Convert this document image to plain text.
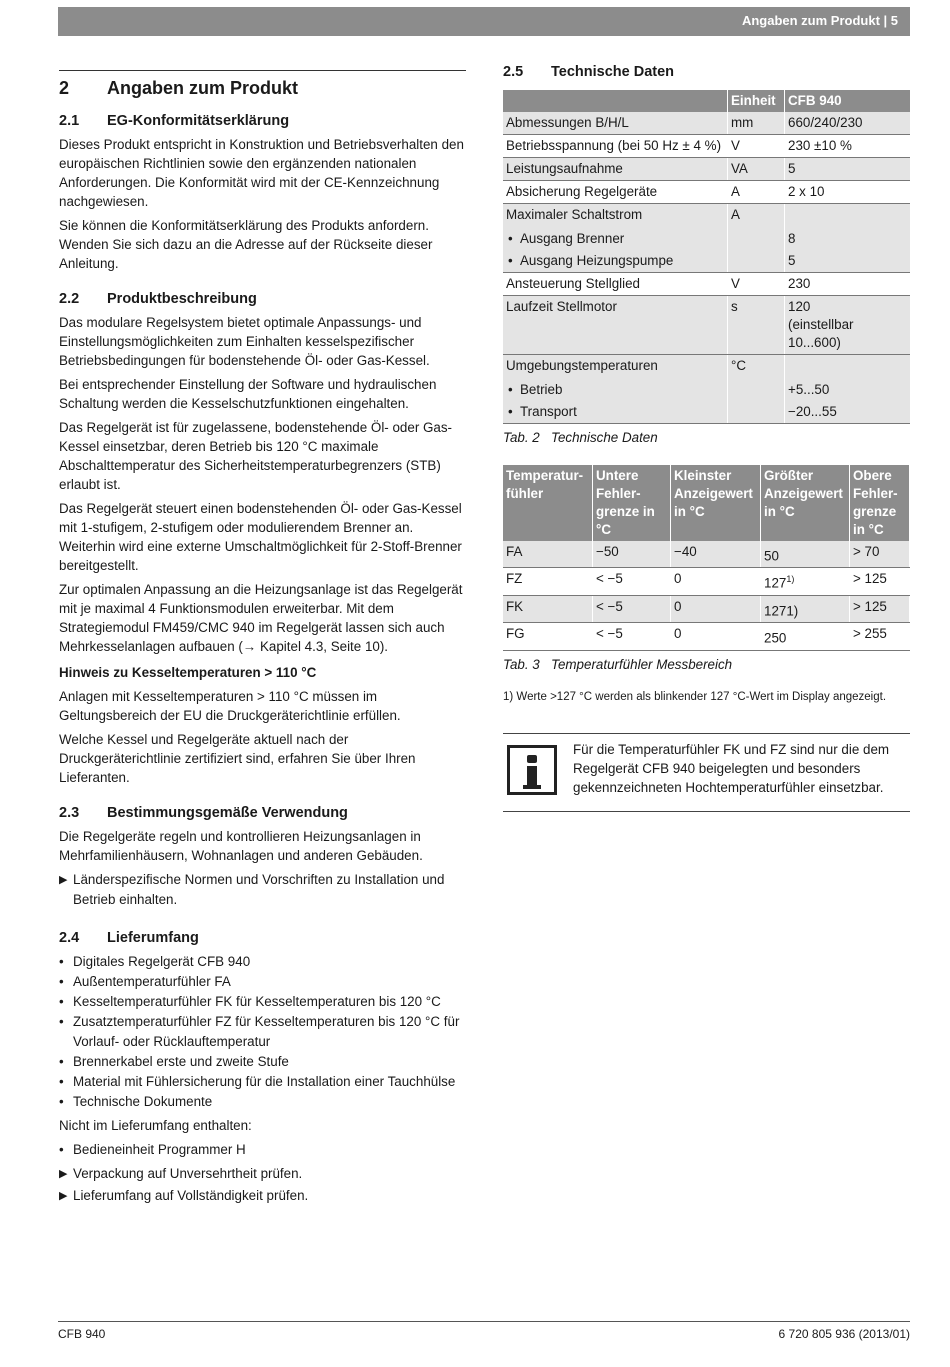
Angaben zum Produkt | 5
2	Angaben zum Produkt
2.1	EG-Konformitätserklärung

Dieses Produkt entspricht in Konstruktion und Betriebsverhalten den europäischen Richtlinien sowie den ergänzenden nationalen Anforderungen. Die Konformität wird mit der CE-Kennzeichnung nachgewiesen.

Sie können die Konformitätserklärung des Produkts anfordern. Wenden Sie sich dazu an die Adresse auf der Rückseite dieser Anleitung.

2.2	Produktbeschreibung

Das modulare Regelsystem bietet optimale Anpassungs- und Einstellungsmöglichkeiten zum Einhalten kesselspezifischer Betriebsbedingungen für bodenstehende Öl- oder Gas-Kessel.

Bei entsprechender Einstellung der Software und hydraulischen Schaltung werden die Kesselschutzfunktionen eingehalten.

Das Regelgerät ist für zugelassene, bodenstehende Öl- oder Gas-Kessel einsetzbar, deren Betrieb bis 120 °C maximale Abschalttemperatur des Sicherheitstemperaturbegrenzers (STB) erlaubt ist.

Das Regelgerät steuert einen bodenstehenden Öl- oder Gas-Kessel mit 1-stufigem, 2-stufigem oder modulierendem Brenner an. Weiterhin wird eine externe Umschaltmöglichkeit für 2-Stoff-Brenner bereitgestellt.

Zur optimalen Anpassung an die Heizungsanlage ist das Regelgerät mit je maximal 4 Funktionsmodulen erweiterbar. Mit dem Strategiemodul FM459/CMC 940 im Regelgerät lassen sich auch Mehrkesselanlagen aufbauen (→ Kapitel 4.3, Seite 10).

Hinweis zu Kesseltemperaturen > 110 °C

Anlagen mit Kesseltemperaturen > 110 °C müssen im Geltungsbereich der EU die Druckgeräterichtlinie erfüllen.

Welche Kessel und Regelgeräte aktuell nach der Druckgeräterichtlinie zertifiziert sind, erfahren Sie über Ihren Lieferanten.

2.3	Bestimmungsgemäße Verwendung

Die Regelgeräte regeln und kontrollieren Heizungsanlagen in Mehrfamilienhäusern, Wohnanlagen und anderen Gebäuden.

▶ Länderspezifische Normen und Vorschriften zu Installation und Betrieb einhalten.
2.4	Lieferumfang
• Digitales Regelgerät CFB 940
• Außentemperaturfühler FA
• Kesseltemperaturfühler FK für Kesseltemperaturen bis 120 °C
• Zusatztemperaturfühler FZ für Kesseltemperaturen bis 120 °C für Vorlauf- oder Rücklauftemperatur
• Brennerkabel erste und zweite Stufe
• Material mit Fühlersicherung für die Installation einer Tauchhülse
• Technische Dokumente

Nicht im Lieferumfang enthalten:

• Bedieneinheit Programmer H
▶ Verpackung auf Unversehrtheit prüfen.
▶ Lieferumfang auf Vollständigkeit prüfen.
2.5	Technische Daten
	Einheit	CFB 940
Abmessungen B/H/L	mm	660/240/230
Betriebsspannung (bei 50 Hz ± 4 %)	V	230 ±10 %
Leistungsaufnahme	VA	5
Absicherung Regelgeräte	A	2 x 10
Maximaler Schaltstrom	A	

• Ausgang Brenner		8

• Ausgang Heizungspumpe		5
Ansteuerung Stellglied	V	230
Laufzeit Stellmotor	s	120
(einstellbar
10...600)

Umgebungstemperaturen	°C	

• Betrieb		+5...50

• Transport		−20...55

Tab. 2 Technische Daten

Temperatur-fühler	Untere Fehler-grenze in °C	Kleinster Anzeigewert in °C	Größter Anzeigewert in °C	Obere Fehler-grenze in °C
FA	−50	−40	50	> 70
FZ	< −5	0	$127^{1)}$	> 125
FK	< −5	0	1271)	> 125
FG	< −5	0	250	> 255

Tab. 3 Temperaturfühler Messbereich

1) Werte >127 °C werden als blinkender 127 °C-Wert im Display angezeigt.

Für die Temperaturfühler FK und FZ sind nur die dem Regelgerät CFB 940 beigelegten und besonders gekennzeichneten Hochtemperaturfühler einsetzbar.
CFB 940	6 720 805 936 (2013/01)
